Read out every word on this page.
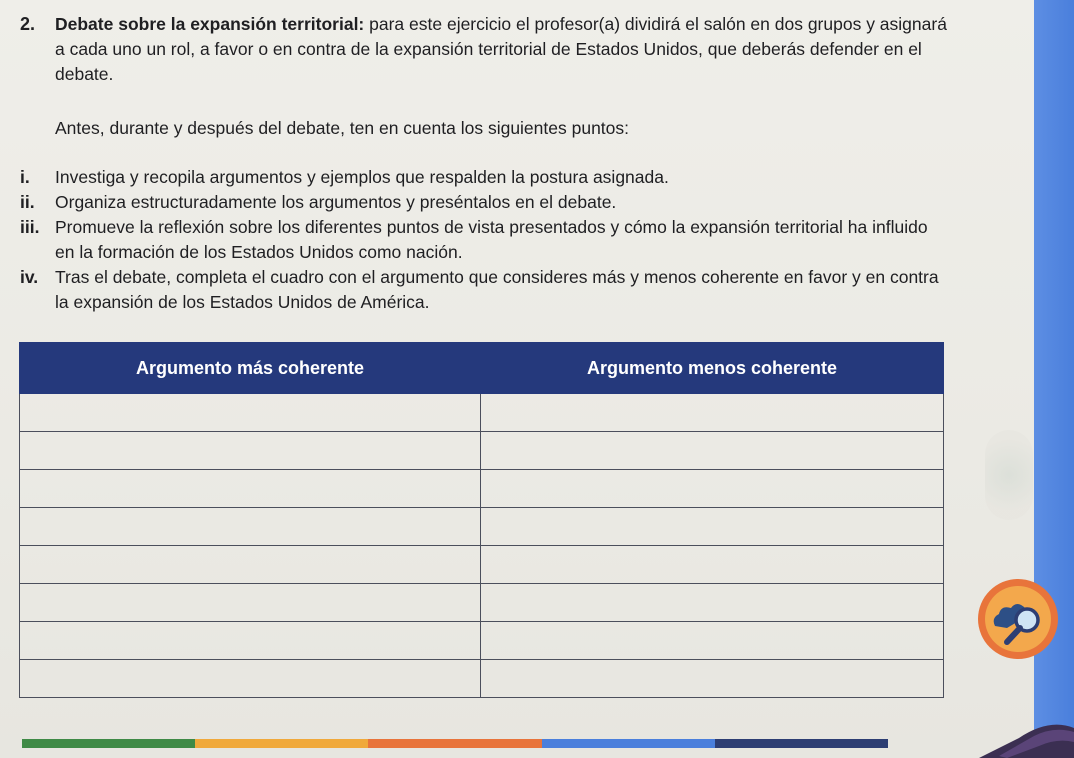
2. Debate sobre la expansión territorial: para este ejercicio el profesor(a) dividirá el salón en dos grupos y asignará a cada uno un rol, a favor o en contra de la expansión territorial de Estados Unidos, que deberás defender en el debate.
Antes, durante y después del debate, ten en cuenta los siguientes puntos:
i. Investiga y recopila argumentos y ejemplos que respalden la postura asignada.
ii. Organiza estructuradamente los argumentos y preséntalos en el debate.
iii. Promueve la reflexión sobre los diferentes puntos de vista presentados y cómo la expansión territorial ha influido en la formación de los Estados Unidos como nación.
iv. Tras el debate, completa el cuadro con el argumento que consideres más y menos coherente en favor y en contra la expansión de los Estados Unidos de América.
Argumento más coherente	Argumento menos coherente
